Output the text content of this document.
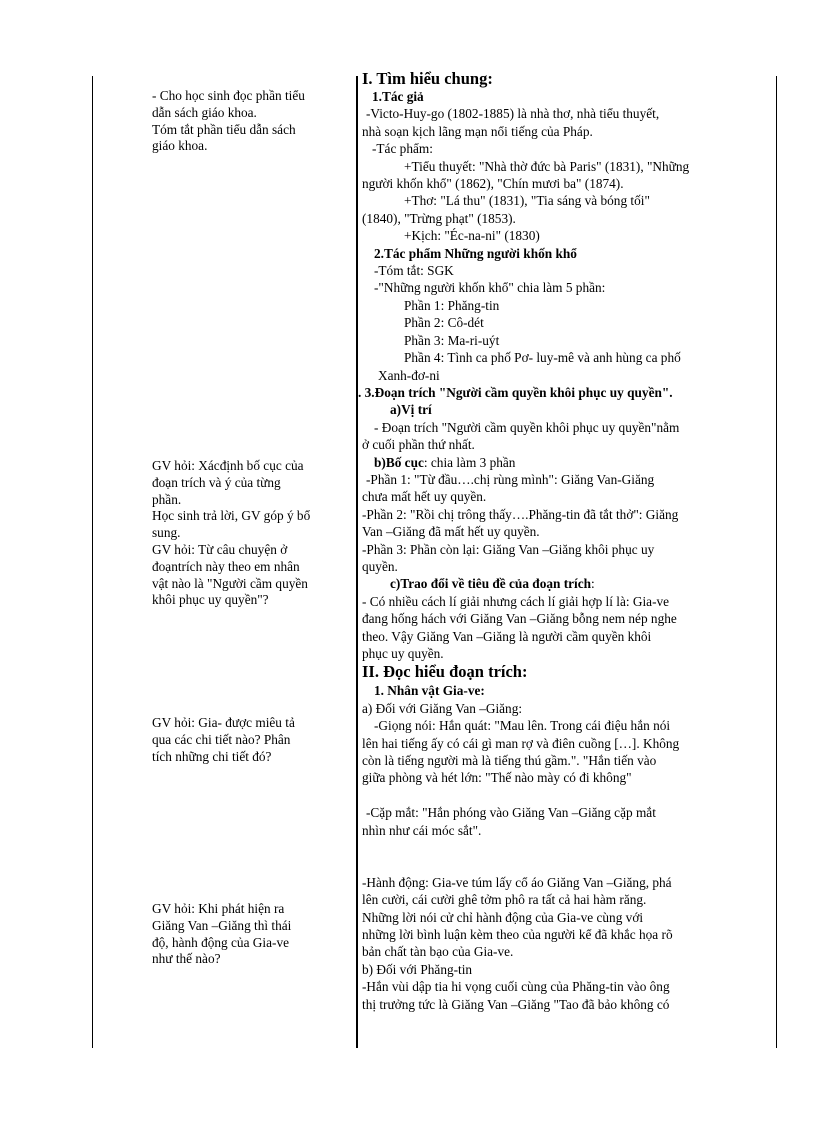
- Cho học sinh đọc phần tiểu
dẫn sách giáo khoa.
Tóm tắt phần tiểu dẫn sách
giáo khoa.
GV hỏi: Xácđịnh bố cục của
đoạn trích và ý của từng
phần.
Học sinh trả lời, GV góp ý bổ
sung.
GV hỏi: Từ câu chuyện ở
đoạntrích này theo em nhân
vật nào là "Người cầm quyền
khôi phục uy quyền"?
GV hỏi: Gia- được miêu tả
qua các chi tiết nào? Phân
tích những chi tiết đó?
GV hỏi: Khi phát hiện ra
Giăng Van –Giăng thì thái
độ, hành động của Gia-ve
như thế nào?
I. Tìm hiểu chung:
1.Tác giả
-Victo-Huy-go (1802-1885) là nhà thơ, nhà tiểu thuyết,
nhà soạn kịch lãng mạn nổi tiếng của Pháp.
-Tác phẩm:
+Tiểu thuyết: "Nhà thờ đức bà Paris" (1831), "Những
người khốn khổ" (1862), "Chín mươi ba" (1874).
+Thơ: "Lá thu" (1831), "Tia sáng và bóng tối"
(1840), "Trừng phạt" (1853).
+Kịch: "Éc-na-ni" (1830)
2.Tác phẩm Những người khốn khổ
-Tóm tắt: SGK
-"Những người khốn khổ" chia làm 5 phần:
Phần 1: Phăng-tin
Phần 2: Cô-dét
Phần 3: Ma-ri-uýt
Phần 4: Tình ca phố Pơ- luy-mê và anh hùng ca phố
Xanh-đơ-ni
. 3.Đoạn trích "Người cầm quyền khôi phục uy quyền".
a)Vị trí
- Đoạn trích "Người cầm quyền khôi phục uy quyền"nằm
ở cuối phần thứ nhất.
b)Bố cục: chia làm 3 phần
-Phần 1: "Từ đầu….chị rùng mình": Giăng Van-Giăng
chưa mất hết uy quyền.
-Phần 2: "Rồi chị trông thấy….Phăng-tin đã tắt thở": Giăng
Van –Giăng đã mất hết uy quyền.
-Phần 3: Phần còn lại: Giăng Van –Giăng khôi phục uy
quyền.
c)Trao đổi về tiêu đề của đoạn trích:
- Có nhiều cách lí giải nhưng cách lí giải hợp lí là: Gia-ve
đang hống hách với Giăng Van –Giăng bỗng nem nép nghe
theo. Vậy Giăng Van –Giăng là người cầm quyền khôi
phục uy quyền.
II. Đọc hiểu đoạn trích:
1. Nhân vật Gia-ve:
a) Đối với Giăng Van –Giăng:
-Giọng nói: Hắn quát: "Mau lên. Trong cái điệu hắn nói
lên hai tiếng ấy có cái gì man rợ và điên cuồng […]. Không
còn là tiếng người mà là tiếng thú gầm.". "Hắn tiến vào
giữa phòng và hét lớn: "Thế nào mày có đi không"
-Cặp mắt: "Hắn phóng vào Giăng Van –Giăng cặp mắt
nhìn như cái móc sắt".
-Hành động: Gia-ve túm lấy cổ áo Giăng Van –Giăng, phá
lên cười, cái cười ghê tởm phô ra tất cả hai hàm răng.
Những lời nói cử chỉ hành động của Gia-ve cùng với
những lời bình luận kèm theo của người kể đã khắc họa rõ
bản chất tàn bạo của Gia-ve.
b) Đối với Phăng-tin
-Hắn vùi dập tia hi vọng cuối cùng của Phăng-tin vào ông
thị trưởng tức là Giăng Van –Giăng "Tao đã bảo không có
